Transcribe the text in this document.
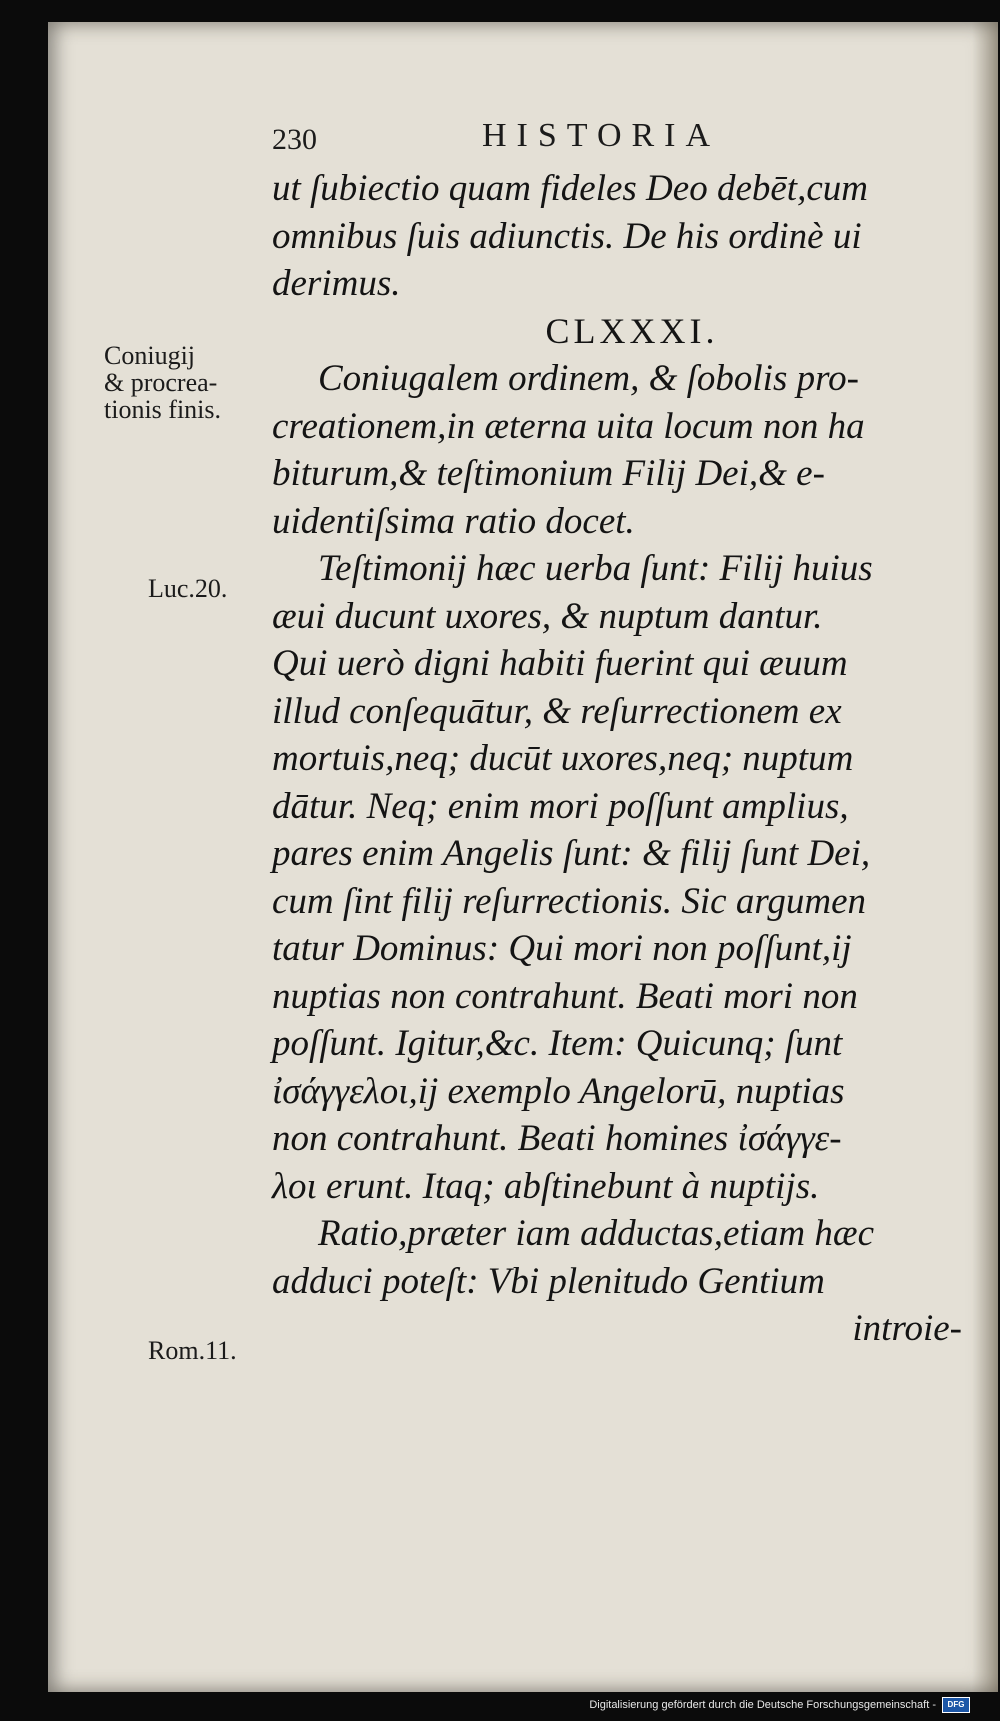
230	HISTORIA
Coniugij
& procrea-
tionis finis.
Luc.20.
Rom.11.

ut ſubiectio quam fideles Deo debēt,cum

omnibus ſuis adiunctis. De his ordinè ui

derimus.

CLXXXI.

Coniugalem ordinem, & ſobolis pro-

creationem,in æterna uita locum non ha

biturum,& teſtimonium Filij Dei,& e-

uidentiſsima ratio docet.

Teſtimonij hæc uerba ſunt: Filij huius

æui ducunt uxores, & nuptum dantur.

Qui uerò digni habiti fuerint qui æuum

illud conſequātur, & reſurrectionem ex

mortuis,neq; ducūt uxores,neq; nuptum

dātur. Neq; enim mori poſſunt amplius,

pares enim Angelis ſunt: & filij ſunt Dei,

cum ſint filij reſurrectionis. Sic argumen

tatur Dominus: Qui mori non poſſunt,ij

nuptias non contrahunt. Beati mori non

poſſunt. Igitur,&c. Item: Quicunq; ſunt

ἰσάγγελοι,ij exemplo Angelorū, nuptias

non contrahunt. Beati homines ἰσάγγε-

λοι erunt. Itaq; abſtinebunt à nuptijs.

Ratio,præter iam adductas,etiam hæc

adduci poteſt: Vbi plenitudo Gentium

introie-

Digitalisierung gefördert durch die Deutsche Forschungsgemeinschaft -	DFG
